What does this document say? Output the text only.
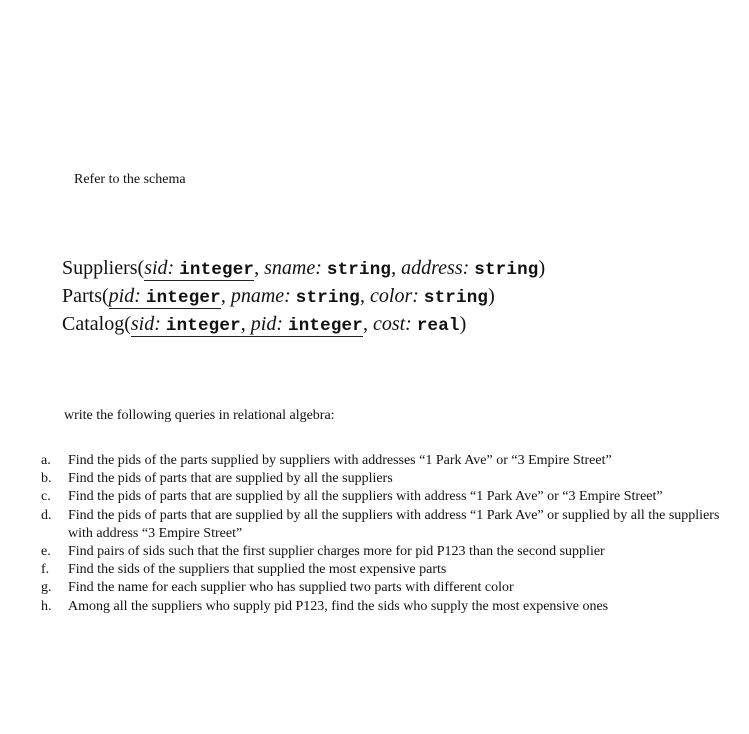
Refer to the schema
Suppliers(sid: integer, sname: string, address: string)
Parts(pid: integer, pname: string, color: string)
Catalog(sid: integer, pid: integer, cost: real)
write the following queries in relational algebra:
a.	Find the pids of the parts supplied by suppliers with addresses “1 Park Ave” or “3 Empire Street”
b.	Find the pids of parts that are supplied by all the suppliers
c.	Find the pids of parts that are supplied by all the suppliers with address “1 Park Ave” or “3 Empire Street”
d.	Find the pids of parts that are supplied by all the suppliers with address “1 Park Ave” or supplied by all the suppliers with address “3 Empire Street”
e.	Find pairs of sids such that the first supplier charges more for pid P123 than the second supplier
f.	Find the sids of the suppliers that supplied the most expensive parts
g.	Find the name for each supplier who has supplied two parts with different color
h.	Among all the suppliers who supply pid P123, find the sids who supply the most expensive ones
